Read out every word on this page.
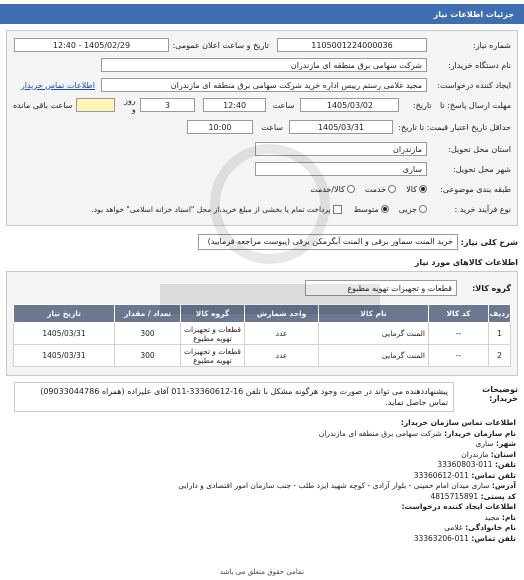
جزئیات اطلاعات نیاز
شماره نیاز:
1105001224000036
تاریخ و ساعت اعلان عمومی:
1405/02/29 - 12:40
نام دستگاه خریدار:
شرکت سهامی برق منطقه ای مازندران
ایجاد کننده درخواست:
مجید غلامی رستم رییس اداره خرید شرکت سهامی برق منطقه ای مازندران
اطلاعات تماس خریدار
مهلت ارسال پاسخ: تا
تاریخ:
1405/03/02
ساعت
12:40
3
روز و
ساعت باقی مانده
حداقل تاریخ اعتبار قیمت: تا تاریخ:
1405/03/31
ساعت
10:00
استان محل تحویل:
مازندران
شهر محل تحویل:
ساری
طبقه بندی موضوعی:
کالا
خدمت
کالا/خدمت
نوع فرآیند خرید :
جزیی
متوسط
پرداخت تمام یا بخشی از مبلغ خرید،از محل "اسناد خزانه اسلامی" خواهد بود.
شرح کلی نیاز:
خرید المنت سماور برقی و المنت آبگرمکن برقی (پیوست مراجعه فرمایید)
اطلاعات کالاهای مورد نیاز
گروه کالا:
قطعات و تجهیزات تهویه مطبوع
ردیف	کد کالا	نام کالا	واحد شمارش	گروه کالا	تعداد / مقدار	تاریخ نیاز
1	--	المنت گرمایی	عدد	قطعات و تجهیزات تهویه مطبوع	300	1405/03/31
2	--	المنت گرمایی	عدد	قطعات و تجهیزات تهویه مطبوع	300	1405/03/31
توضیحات خریدار:
پیشنهاددهنده می تواند در صورت وجود هرگونه مشکل با تلفن 16-33360612-011 آقای علیزاده (همراه 09033044786) تماس حاصل نماید.
اطلاعات تماس سازمان خریدار:
نام سازمان خریدار: شرکت سهامی برق منطقه ای مازندران
شهر: ساری
استان: مازندران
تلفن: 011-33360803
تلفن تماس: 011-33360612
آدرس: ساری میدان امام خمینی - بلوار آزادی - کوچه شهید ایزد طلب - جنب سازمان امور اقتصادی و دارایی
کد پستی: 4815715891
اطلاعات ایجاد کننده درخواست:
نام: مجید
نام خانوادگی: غلامی
تلفن تماس: 011-33363206
تمامی حقوق متعلق می باشد
